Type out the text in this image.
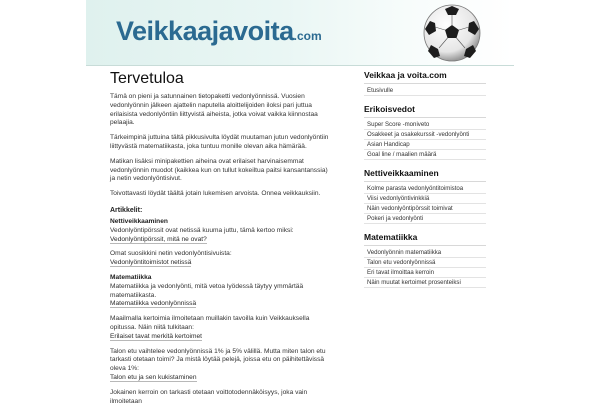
Veikkaajavoita.com
Tervetuloa

Tämä on pieni ja satunnainen tietopaketti vedonlyönnissä. Vuosien vedonlyönnin jälkeen ajattelin naputella aloittelijoiden iloksi pari juttua erilaisista vedonlyöntiin liittyvistä aiheista, jotka voivat vaikka kiinnostaa pelaajia.

Tärkeimpinä juttuina tältä pikkusivulta löydät muutaman jutun vedonlyöntiin liittyvästä matematiikasta, joka tuntuu monille olevan aika hämärää.

Matikan lisäksi minipakettien aiheina ovat erilaiset harvinaisemmat vedonlyönnin muodot (kaikkea kun on tullut kokeiltua paitsi kansantanssia) ja netin vedonlyöntisivut.

Toivottavasti löydät täältä jotain lukemisen arvoista. Onnea veikkauksiin.

Artikkelit:
Nettiveikkaaminen
Vedonlyöntipörssit ovat netissä kuuma juttu, tämä kertoo miksi:
Vedonlyöntipörssit, mitä ne ovat?
Omat suosikkini netin vedonlyöntisivuista:
Vedonlyöntitoimistot netissä
Matematiikka
Matematiikka ja vedonlyönti, mitä vetoa lyödessä täytyy ymmärtää matematiikasta.
Matematiikka vedonlyönnissä
Maailmalla kertoimia ilmoitetaan muillakin tavoilla kuin Veikkauksella opitussa. Näin niitä tulkitaan:
Erilaiset tavat merkitä kertoimet
Talon etu vaihtelee vedonlyönnissä 1% ja 5% välillä. Mutta miten talon etu tarkasti otetaan toimi? Ja mistä löytää pelejä, joissa etu on päihitettävissä oleva 1%:
Talon etu ja sen kukistaminen
Jokainen kerroin on tarkasti otetaan voittotodennäköisyys, joka vain ilmoitetaan
Veikkaa ja voita.com
Etusivulle
Erikoisvedot
Super Score -moniveto
Osakkeet ja osakekurssit -vedonlyönti
Asian Handicap
Goal line / maalien määrä
Nettiveikkaaminen
Kolme parasta vedonlyöntitoimistoa
Viisi vedonlyöntivinkkiä
Näin vedonlyöntipörssit toimivat
Pokeri ja vedonlyönti
Matematiikka
Vedonlyönnin matematiikka
Talon etu vedonlyönnissä
Eri tavat ilmoittaa kerroin
Näin muutat kertoimet prosenteiksi
